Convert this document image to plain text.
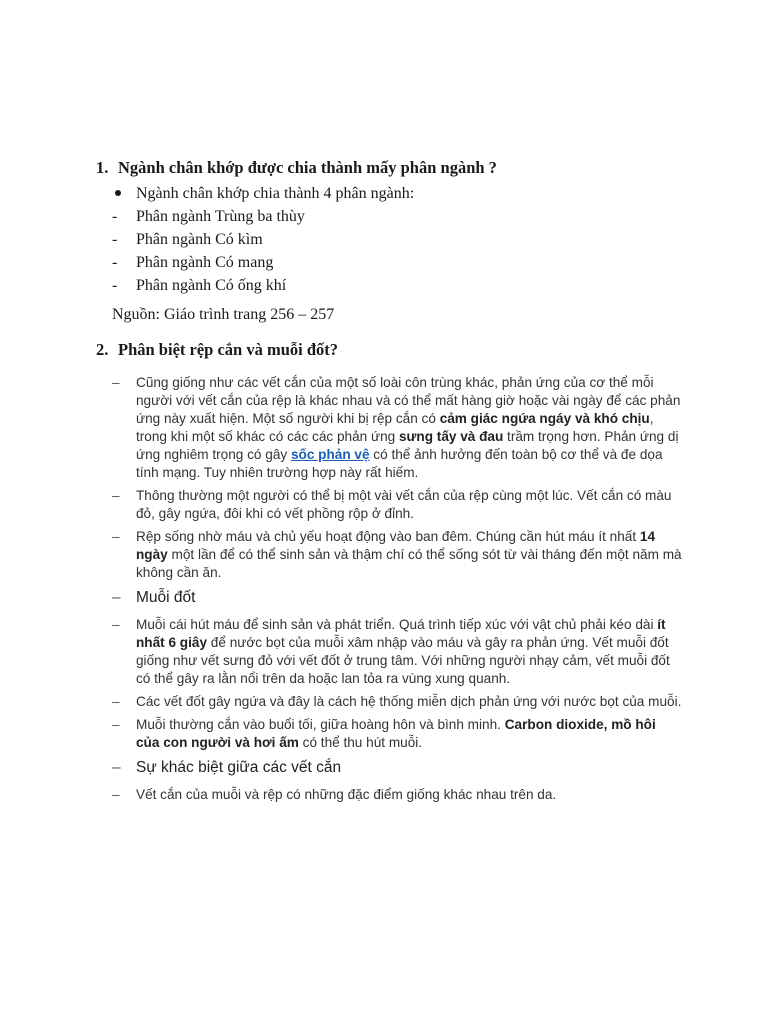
1. Ngành chân khớp được chia thành mấy phân ngành ?
Ngành chân khớp chia thành 4 phân ngành:
-	Phân ngành Trùng ba thùy
-	Phân ngành Có kìm
-	Phân ngành Có mang
-	Phân ngành Có ống khí
Nguồn: Giáo trình trang 256 – 257
2. Phân biệt rệp cắn và muỗi đốt?
– Cũng giống như các vết cắn của một số loài côn trùng khác, phản ứng của cơ thể mỗi người với vết cắn của rệp là khác nhau và có thể mất hàng giờ hoặc vài ngày để các phản ứng này xuất hiện. Một số người khi bị rệp cắn có cảm giác ngứa ngáy và khó chịu, trong khi một số khác có các các phản ứng sưng tấy và đau trầm trọng hơn. Phản ứng dị ứng nghiêm trọng có gây sốc phản vệ có thể ảnh hưởng đến toàn bộ cơ thể và đe dọa tính mạng. Tuy nhiên trường hợp này rất hiếm.
– Thông thường một người có thể bị một vài vết cắn của rệp cùng một lúc. Vết cắn có màu đỏ, gây ngứa, đôi khi có vết phồng rộp ở đỉnh.
– Rệp sống nhờ máu và chủ yếu hoạt động vào ban đêm. Chúng cần hút máu ít nhất 14 ngày một lần để có thể sinh sản và thậm chí có thể sống sót từ vài tháng đến một năm mà không cần ăn.
– Muỗi đốt
– Muỗi cái hút máu để sinh sản và phát triển. Quá trình tiếp xúc với vật chủ phải kéo dài ít nhất 6 giây để nước bọt của muỗi xâm nhập vào máu và gây ra phản ứng. Vết muỗi đốt giống như vết sưng đỏ với vết đốt ở trung tâm. Với những người nhạy cảm, vết muỗi đốt có thể gây ra lằn nổi trên da hoặc lan tỏa ra vùng xung quanh.
– Các vết đốt gây ngứa và đây là cách hệ thống miễn dịch phản ứng với nước bọt của muỗi.
– Muỗi thường cắn vào buổi tối, giữa hoàng hôn và bình minh. Carbon dioxide, mồ hôi của con người và hơi ấm có thể thu hút muỗi.
– Sự khác biệt giữa các vết cắn
– Vết cắn của muỗi và rệp có những đặc điểm giống khác nhau trên da.
